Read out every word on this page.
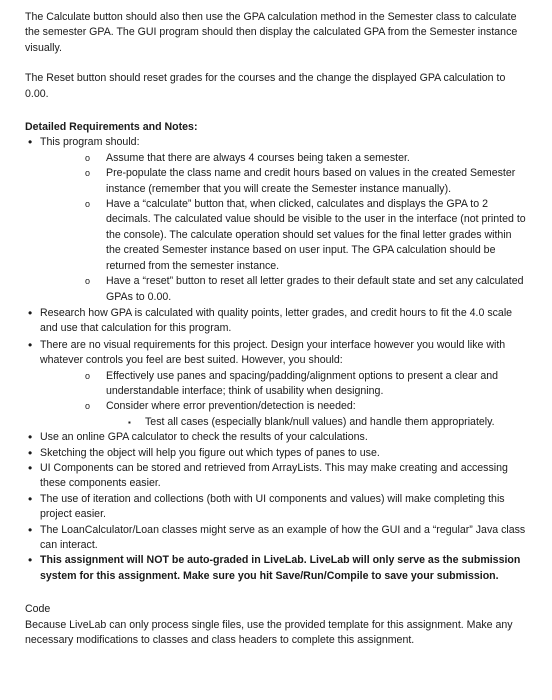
The Calculate button should also then use the GPA calculation method in the Semester class to calculate the semester GPA. The GUI program should then display the calculated GPA from the Semester instance visually.

The Reset button should reset grades for the courses and the change the displayed GPA calculation to 0.00.

Detailed Requirements and Notes:

• This program should:

o Assume that there are always 4 courses being taken a semester.

o Pre-populate the class name and credit hours based on values in the created Semester instance (remember that you will create the Semester instance manually).

o Have a “calculate” button that, when clicked, calculates and displays the GPA to 2 decimals. The calculated value should be visible to the user in the interface (not printed to the console). The calculate operation should set values for the final letter grades within the created Semester instance based on user input. The GPA calculation should be returned from the semester instance.

o Have a “reset” button to reset all letter grades to their default state and set any calculated GPAs to 0.00.

• Research how GPA is calculated with quality points, letter grades, and credit hours to fit the 4.0 scale and use that calculation for this program.

• There are no visual requirements for this project. Design your interface however you would like with whatever controls you feel are best suited. However, you should:

o Effectively use panes and spacing/padding/alignment options to present a clear and understandable interface; think of usability when designing.

o Consider where error prevention/detection is needed:

▪ Test all cases (especially blank/null values) and handle them appropriately.

• Use an online GPA calculator to check the results of your calculations.

• Sketching the object will help you figure out which types of panes to use.

• UI Components can be stored and retrieved from ArrayLists. This may make creating and accessing these components easier.

• The use of iteration and collections (both with UI components and values) will make completing this project easier.

• The LoanCalculator/Loan classes might serve as an example of how the GUI and a “regular” Java class can interact.

• This assignment will NOT be auto-graded in LiveLab. LiveLab will only serve as the submission system for this assignment. Make sure you hit Save/Run/Compile to save your submission.

Code

Because LiveLab can only process single files, use the provided template for this assignment. Make any necessary modifications to classes and class headers to complete this assignment.
